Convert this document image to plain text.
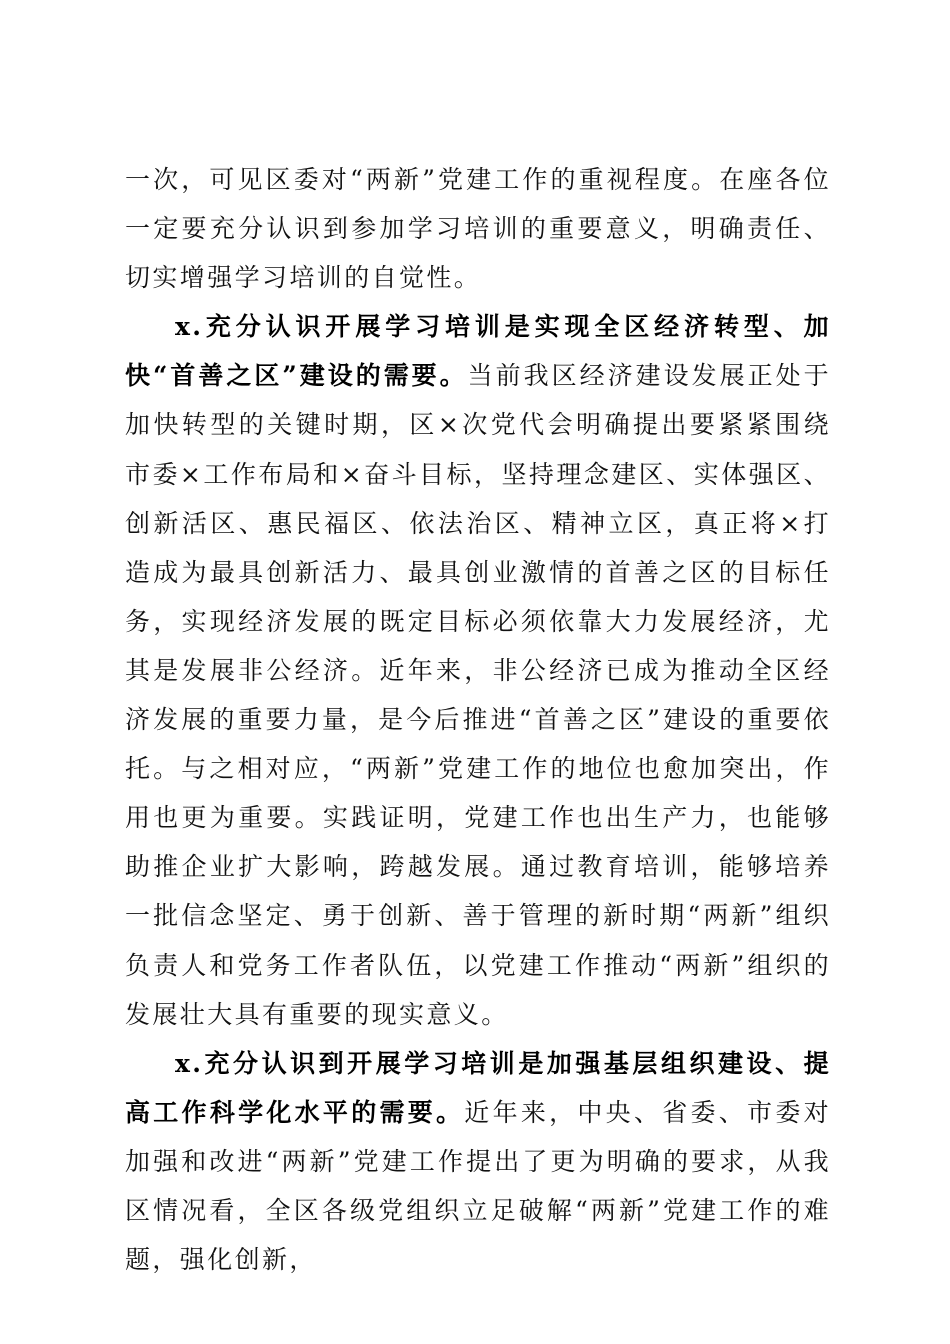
一次，可见区委对“两新”党建工作的重视程度。在座各位一定要充分认识到参加学习培训的重要意义，明确责任、切实增强学习培训的自觉性。

x.充分认识开展学习培训是实现全区经济转型、加快“首善之区”建设的需要。当前我区经济建设发展正处于加快转型的关键时期，区×次党代会明确提出要紧紧围绕市委×工作布局和×奋斗目标，坚持理念建区、实体强区、创新活区、惠民福区、依法治区、精神立区，真正将×打造成为最具创新活力、最具创业激情的首善之区的目标任务，实现经济发展的既定目标必须依靠大力发展经济，尤其是发展非公经济。近年来，非公经济已成为推动全区经济发展的重要力量，是今后推进“首善之区”建设的重要依托。与之相对应，“两新”党建工作的地位也愈加突出，作用也更为重要。实践证明，党建工作也出生产力，也能够助推企业扩大影响，跨越发展。通过教育培训，能够培养一批信念坚定、勇于创新、善于管理的新时期“两新”组织负责人和党务工作者队伍，以党建工作推动“两新”组织的发展壮大具有重要的现实意义。

x.充分认识到开展学习培训是加强基层组织建设、提高工作科学化水平的需要。近年来，中央、省委、市委对加强和改进“两新”党建工作提出了更为明确的要求，从我区情况看，全区各级党组织立足破解“两新”党建工作的难题，强化创新，
